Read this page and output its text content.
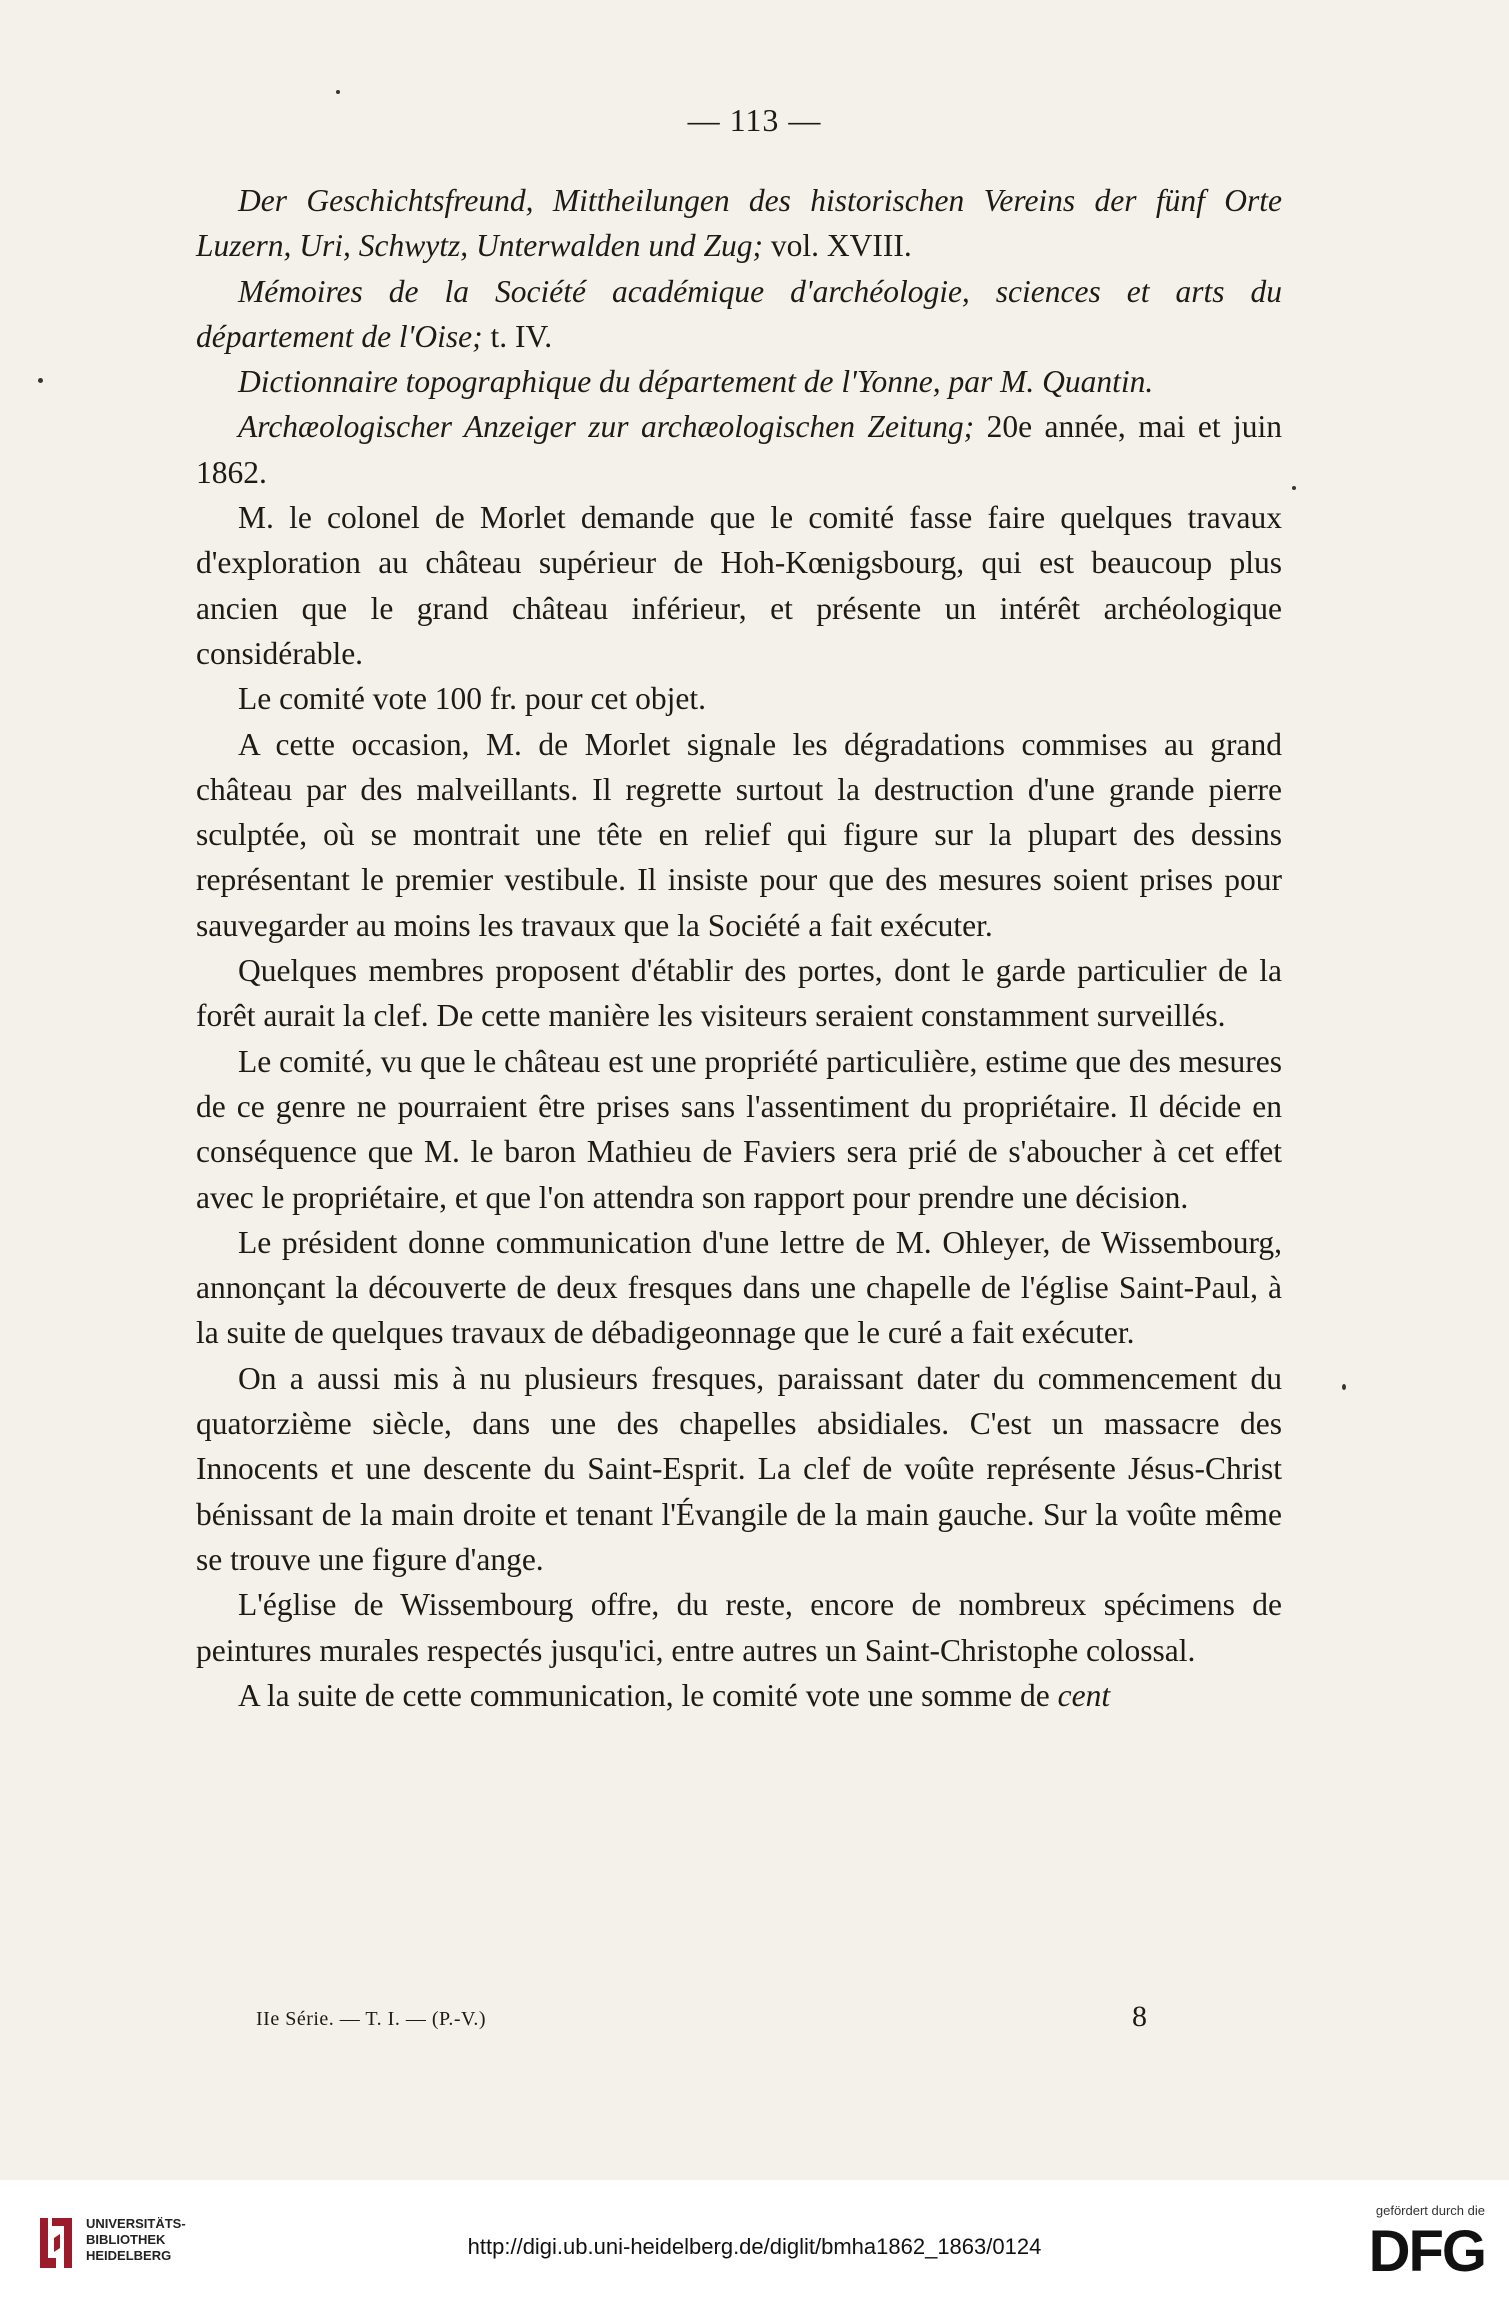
— 113 —

Der Geschichtsfreund, Mittheilungen des historischen Vereins der fünf Orte Luzern, Uri, Schwytz, Unterwalden und Zug; vol. XVIII.

Mémoires de la Société académique d'archéologie, sciences et arts du département de l'Oise; t. IV.

Dictionnaire topographique du département de l'Yonne, par M. Quantin.

Archæologischer Anzeiger zur archæologischen Zeitung; 20e année, mai et juin 1862.

M. le colonel de Morlet demande que le comité fasse faire quelques travaux d'exploration au château supérieur de Hoh-Kœnigsbourg, qui est beaucoup plus ancien que le grand château inférieur, et présente un intérêt archéologique considérable.

Le comité vote 100 fr. pour cet objet.

A cette occasion, M. de Morlet signale les dégradations commises au grand château par des malveillants. Il regrette surtout la destruction d'une grande pierre sculptée, où se montrait une tête en relief qui figure sur la plupart des dessins représentant le premier vestibule. Il insiste pour que des mesures soient prises pour sauvegarder au moins les travaux que la Société a fait exécuter.

Quelques membres proposent d'établir des portes, dont le garde particulier de la forêt aurait la clef. De cette manière les visiteurs seraient constamment surveillés.

Le comité, vu que le château est une propriété particulière, estime que des mesures de ce genre ne pourraient être prises sans l'assentiment du propriétaire. Il décide en conséquence que M. le baron Mathieu de Faviers sera prié de s'aboucher à cet effet avec le propriétaire, et que l'on attendra son rapport pour prendre une décision.

Le président donne communication d'une lettre de M. Ohleyer, de Wissembourg, annonçant la découverte de deux fresques dans une chapelle de l'église Saint-Paul, à la suite de quelques travaux de débadigeonnage que le curé a fait exécuter.

On a aussi mis à nu plusieurs fresques, paraissant dater du commencement du quatorzième siècle, dans une des chapelles absidiales. C'est un massacre des Innocents et une descente du Saint-Esprit. La clef de voûte représente Jésus-Christ bénissant de la main droite et tenant l'Évangile de la main gauche. Sur la voûte même se trouve une figure d'ange.

L'église de Wissembourg offre, du reste, encore de nombreux spécimens de peintures murales respectés jusqu'ici, entre autres un Saint-Christophe colossal.

A la suite de cette communication, le comité vote une somme de cent

IIe Série. — T. I. — (P.-V.)	8
UNIVERSITÄTS-
BIBLIOTHEK
HEIDELBERG	http://digi.ub.uni-heidelberg.de/diglit/bmha1862_1863/0124
gefördert durch die
DFG
